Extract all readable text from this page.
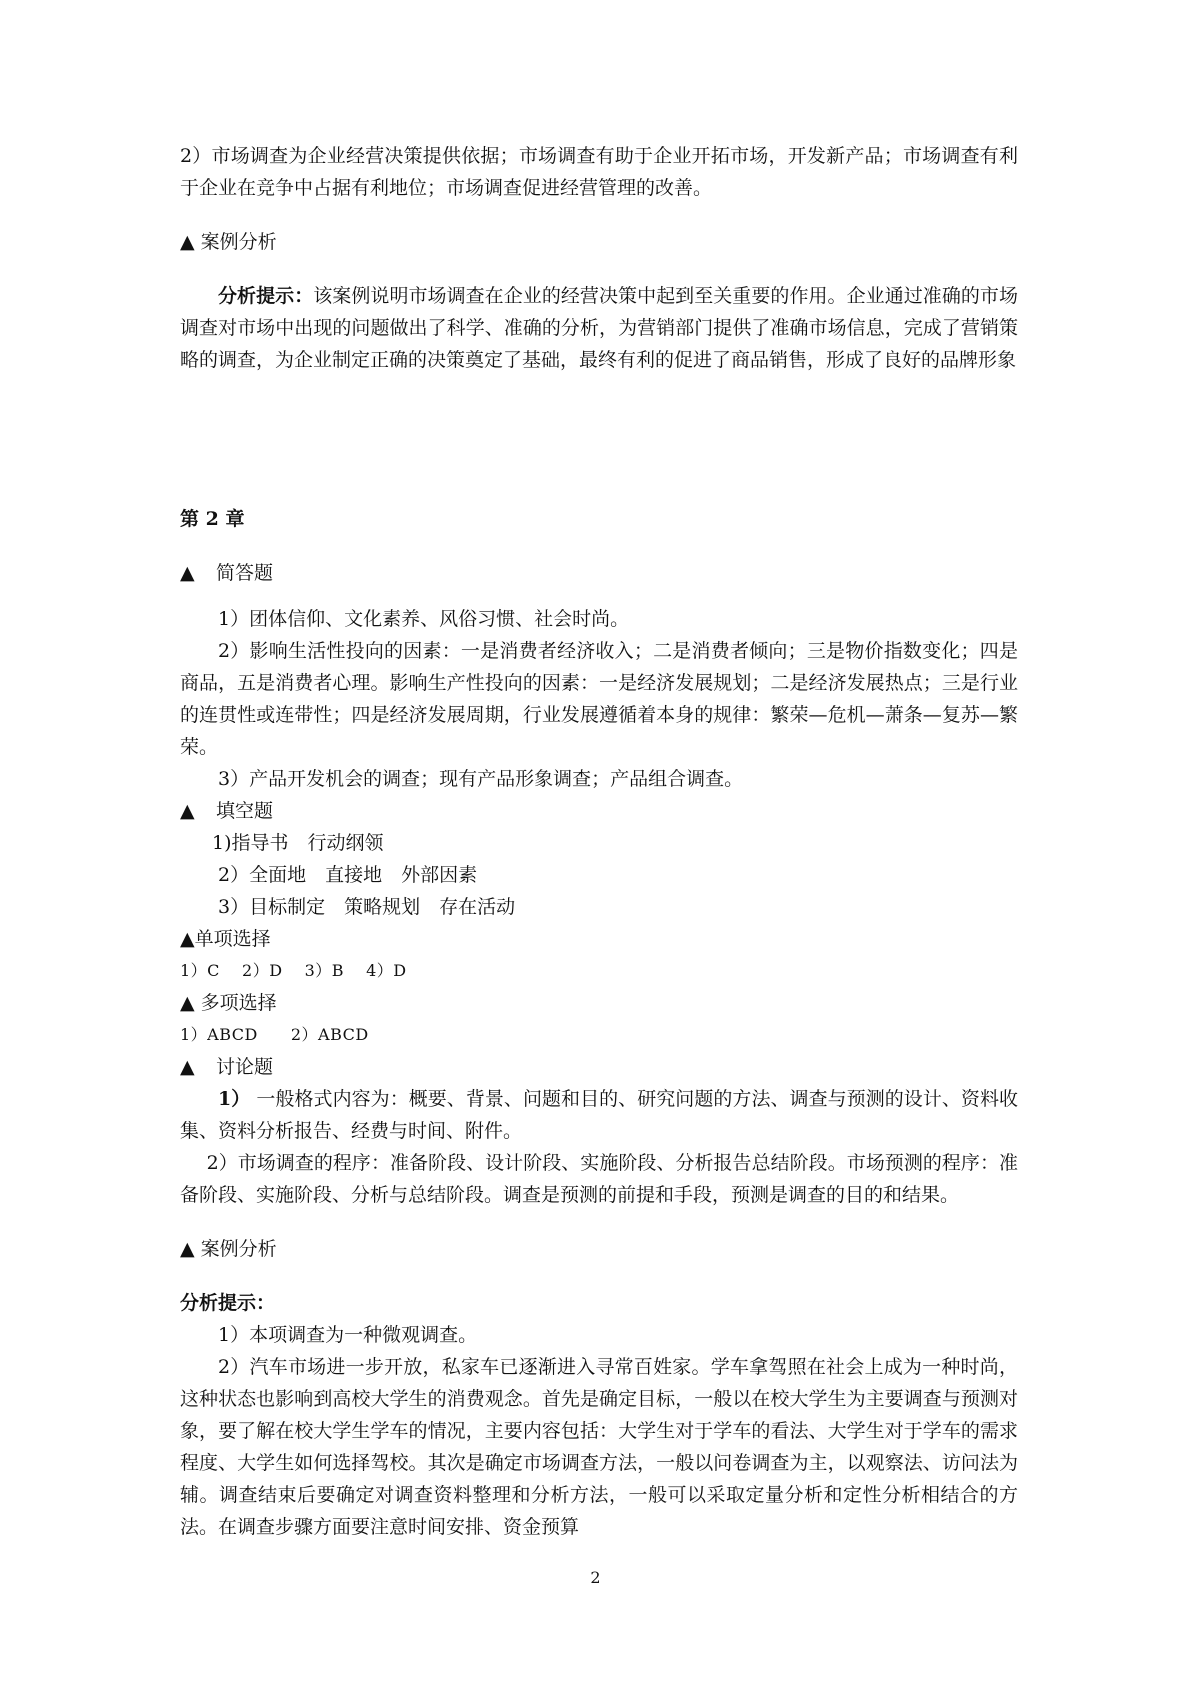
2）市场调查为企业经营决策提供依据；市场调查有助于企业开拓市场，开发新产品；市场调查有利于企业在竞争中占据有利地位；市场调查促进经营管理的改善。

▲ 案例分析

分析提示：该案例说明市场调查在企业的经营决策中起到至关重要的作用。企业通过准确的市场调查对市场中出现的问题做出了科学、准确的分析，为营销部门提供了准确市场信息，完成了营销策略的调查，为企业制定正确的决策奠定了基础，最终有利的促进了商品销售，形成了良好的品牌形象

第 2 章

▲ 简答题

1）团体信仰、文化素养、风俗习惯、社会时尚。

2）影响生活性投向的因素：一是消费者经济收入；二是消费者倾向；三是物价指数变化；四是商品，五是消费者心理。影响生产性投向的因素：一是经济发展规划；二是经济发展热点；三是行业的连贯性或连带性；四是经济发展周期，行业发展遵循着本身的规律：繁荣—危机—萧条—复苏—繁荣。

3）产品开发机会的调查；现有产品形象调查；产品组合调查。

▲ 填空题

1)指导书　行动纲领

2）全面地　直接地　外部因素

3）目标制定　策略规划　存在活动

▲单项选择

1）C　 2）D　 3）B　 4）D

▲ 多项选择

1）ABCD　　2）ABCD

▲ 讨论题

1） 一般格式内容为：概要、背景、问题和目的、研究问题的方法、调查与预测的设计、资料收集、资料分析报告、经费与时间、附件。

2）市场调查的程序：准备阶段、设计阶段、实施阶段、分析报告总结阶段。市场预测的程序：准备阶段、实施阶段、分析与总结阶段。调查是预测的前提和手段，预测是调查的目的和结果。

▲ 案例分析

分析提示：

1）本项调查为一种微观调查。

2）汽车市场进一步开放，私家车已逐渐进入寻常百姓家。学车拿驾照在社会上成为一种时尚，这种状态也影响到高校大学生的消费观念。首先是确定目标，一般以在校大学生为主要调查与预测对象，要了解在校大学生学车的情况，主要内容包括：大学生对于学车的看法、大学生对于学车的需求程度、大学生如何选择驾校。其次是确定市场调查方法，一般以问卷调查为主，以观察法、访问法为辅。调查结束后要确定对调查资料整理和分析方法，一般可以采取定量分析和定性分析相结合的方法。在调查步骤方面要注意时间安排、资金预算

2
